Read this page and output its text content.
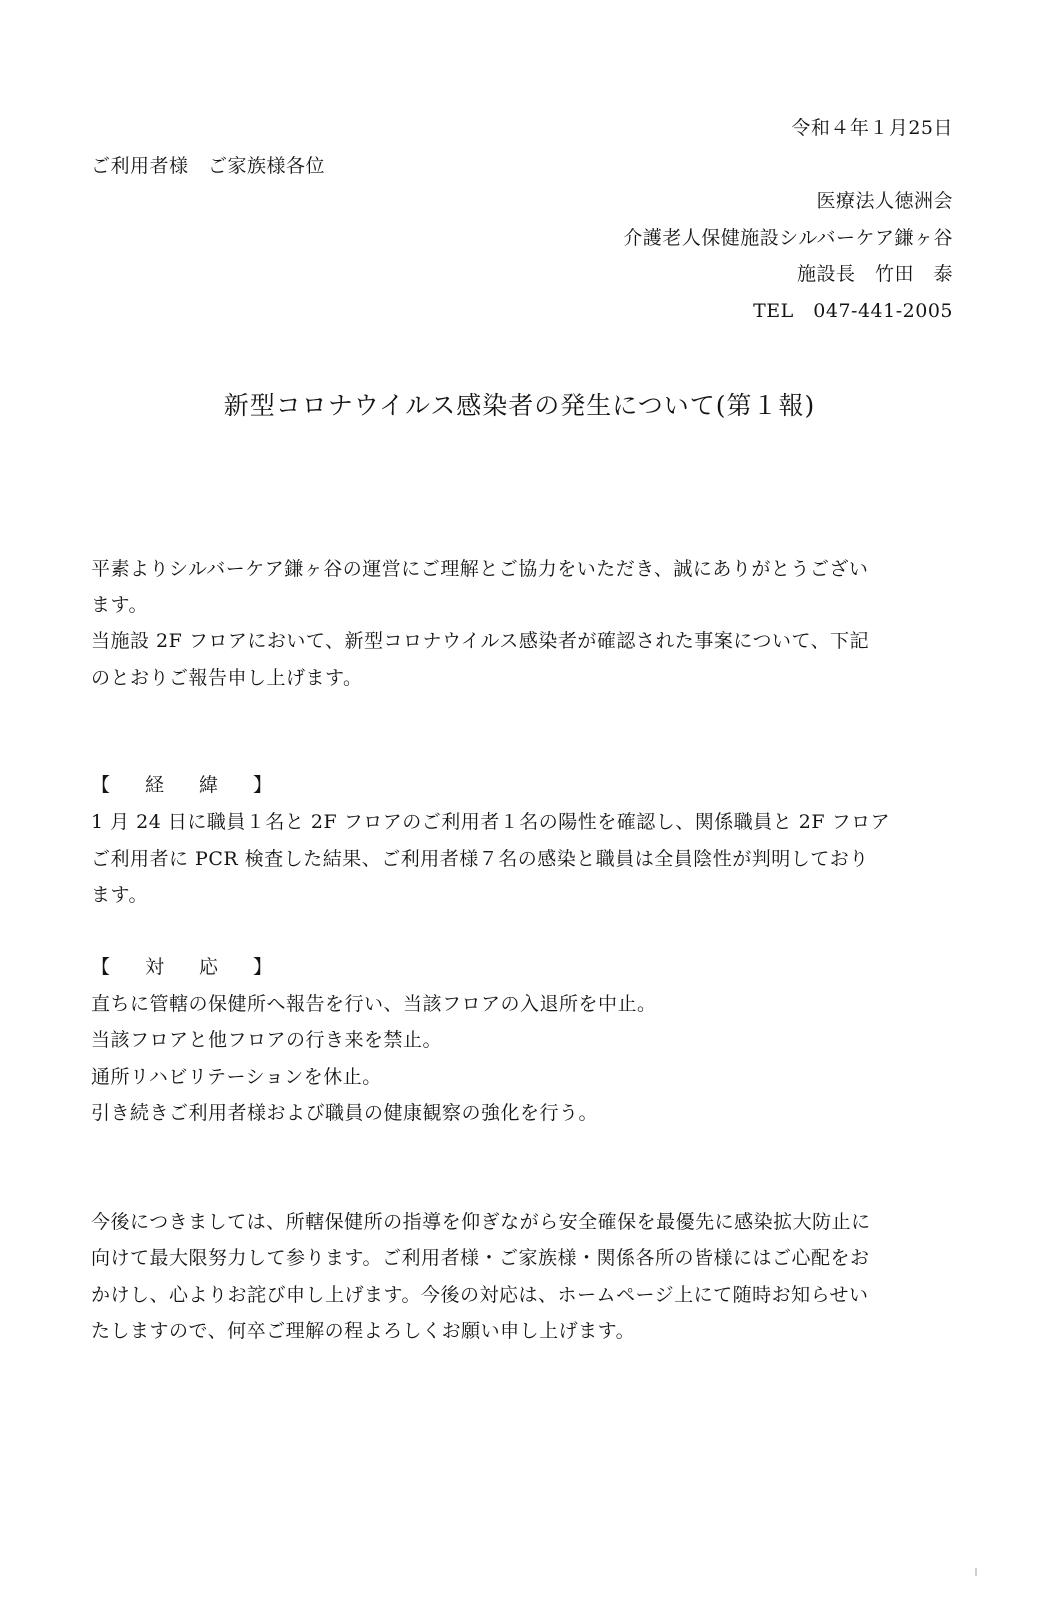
令和４年１月25日
ご利用者様　ご家族様各位
医療法人徳洲会
介護老人保健施設シルバーケア鎌ヶ谷
施設長　竹田　泰
TEL　047-441-2005
新型コロナウイルス感染者の発生について(第１報)
平素よりシルバーケア鎌ヶ谷の運営にご理解とご協力をいただき、誠にありがとうござい
ます。
当施設 2F フロアにおいて、新型コロナウイルス感染者が確認された事案について、下記
のとおりご報告申し上げます。
【　経　緯　】
1 月 24 日に職員１名と 2F フロアのご利用者１名の陽性を確認し、関係職員と 2F フロア
ご利用者に PCR 検査した結果、ご利用者様７名の感染と職員は全員陰性が判明しており
ます。
【　対　応　】
直ちに管轄の保健所へ報告を行い、当該フロアの入退所を中止。
当該フロアと他フロアの行き来を禁止。
通所リハビリテーションを休止。
引き続きご利用者様および職員の健康観察の強化を行う。
今後につきましては、所轄保健所の指導を仰ぎながら安全確保を最優先に感染拡大防止に
向けて最大限努力して参ります。ご利用者様・ご家族様・関係各所の皆様にはご心配をお
かけし、心よりお詫び申し上げます。今後の対応は、ホームページ上にて随時お知らせい
たしますので、何卒ご理解の程よろしくお願い申し上げます。
